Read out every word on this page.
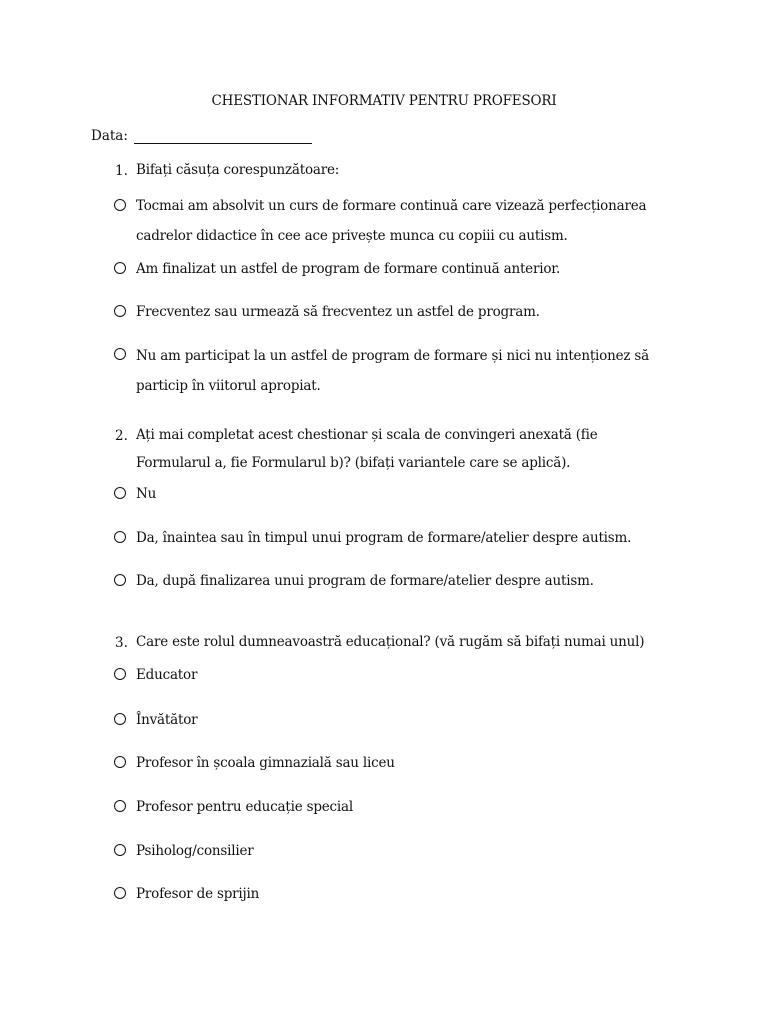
CHESTIONAR INFORMATIV PENTRU PROFESORI
Data:
1. Bifați căsuța corespunzătoare:
Tocmai am absolvit un curs de formare continuă care vizează perfecționarea cadrelor didactice în cee ace privește munca cu copiii cu autism.
Am finalizat un astfel de program de formare continuă anterior.
Frecventez sau urmează să frecventez un astfel de program.
Nu am participat la un astfel de program de formare și nici nu intenționez să particip în viitorul apropiat.
2. Ați mai completat acest chestionar și scala de convingeri anexată (fie Formularul a, fie Formularul b)? (bifați variantele care se aplică).
Nu
Da, înaintea sau în timpul unui program de formare/atelier despre autism.
Da, după finalizarea unui program de formare/atelier despre autism.
3. Care este rolul dumneavoastră educațional? (vă rugăm să bifați numai unul)
Educator
Învătător
Profesor în școala gimnazială sau liceu
Profesor pentru educație special
Psiholog/consilier
Profesor de sprijin
